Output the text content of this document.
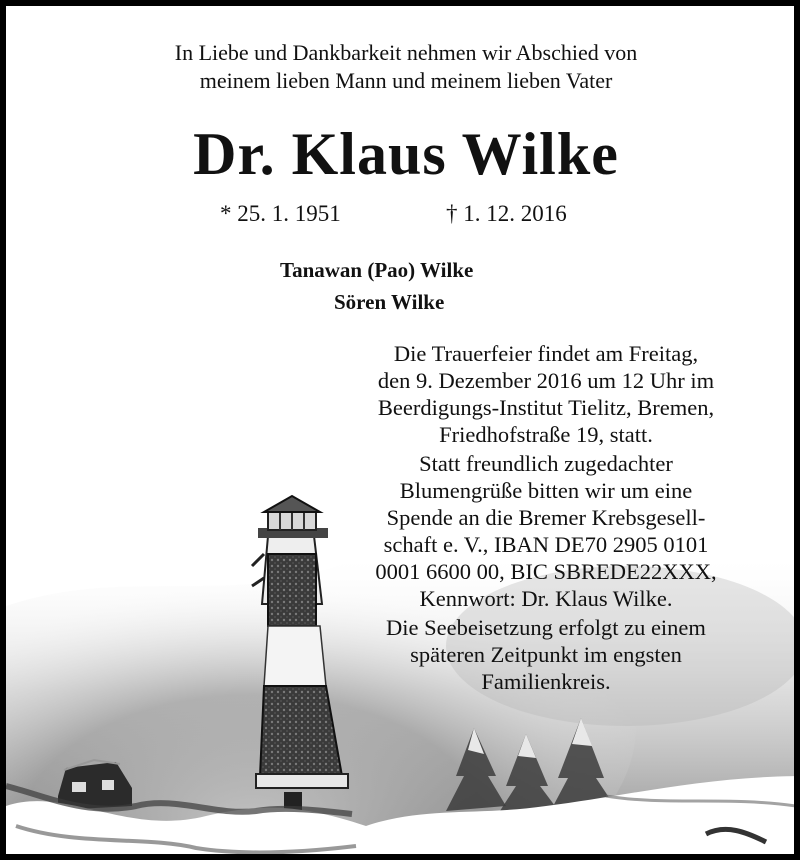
In Liebe und Dankbarkeit nehmen wir Abschied von
meinem lieben Mann und meinem lieben Vater
Dr. Klaus Wilke
* 25. 1. 1951	† 1. 12. 2016
Tanawan (Pao) Wilke
Sören Wilke

Die Trauerfeier findet am Freitag,

den 9. Dezember 2016 um 12 Uhr im

Beerdigungs-Institut Tielitz, Bremen,

Friedhofstraße 19, statt.

Statt freundlich zugedachter

Blumengrüße bitten wir um eine

Spende an die Bremer Krebsgesell-

schaft e. V., IBAN DE70 2905 0101

0001 6600 00, BIC SBREDE22XXX,

Kennwort: Dr. Klaus Wilke.

Die Seebeisetzung erfolgt zu einem

späteren Zeitpunkt im engsten

Familienkreis.
